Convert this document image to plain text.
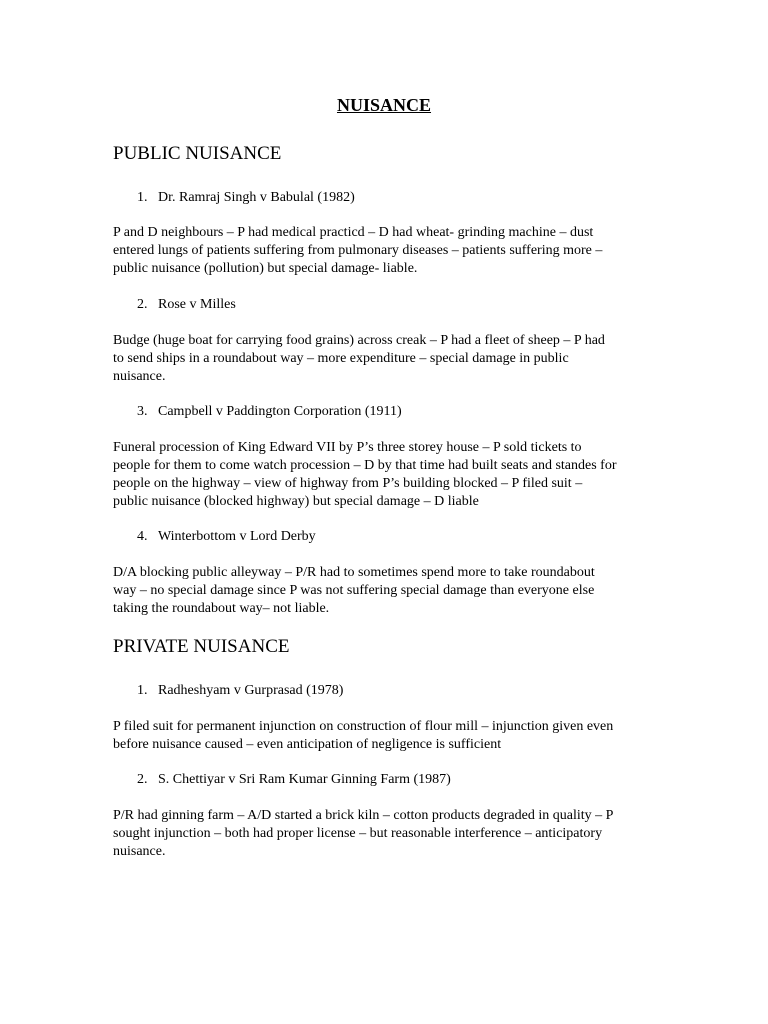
NUISANCE
PUBLIC NUISANCE
1. Dr. Ramraj Singh v Babulal (1982)
P and D neighbours – P had medical practicd – D had wheat- grinding machine – dust
entered lungs of patients suffering from pulmonary diseases – patients suffering more –
public nuisance (pollution) but special damage- liable.
2. Rose v Milles
Budge (huge boat for carrying food grains) across creak – P had a fleet of sheep – P had
to send ships in a roundabout way – more expenditure – special damage in public
nuisance.
3. Campbell v Paddington Corporation (1911)
Funeral procession of King Edward VII by P’s three storey house – P sold tickets to
people for them to come watch procession – D by that time had built seats and standes for
people on the highway – view of highway from P’s building blocked – P filed suit –
public nuisance (blocked highway) but special damage – D liable
4. Winterbottom v Lord Derby
D/A blocking public alleyway – P/R had to sometimes spend more to take roundabout
way – no special damage since P was not suffering special damage than everyone else
taking the roundabout way– not liable.
PRIVATE NUISANCE
1. Radheshyam v Gurprasad (1978)
P filed suit for permanent injunction on construction of flour mill – injunction given even
before nuisance caused – even anticipation of negligence is sufficient
2. S. Chettiyar v Sri Ram Kumar Ginning Farm (1987)
P/R had ginning farm – A/D started a brick kiln – cotton products degraded in quality – P
sought injunction – both had proper license – but reasonable interference – anticipatory
nuisance.
